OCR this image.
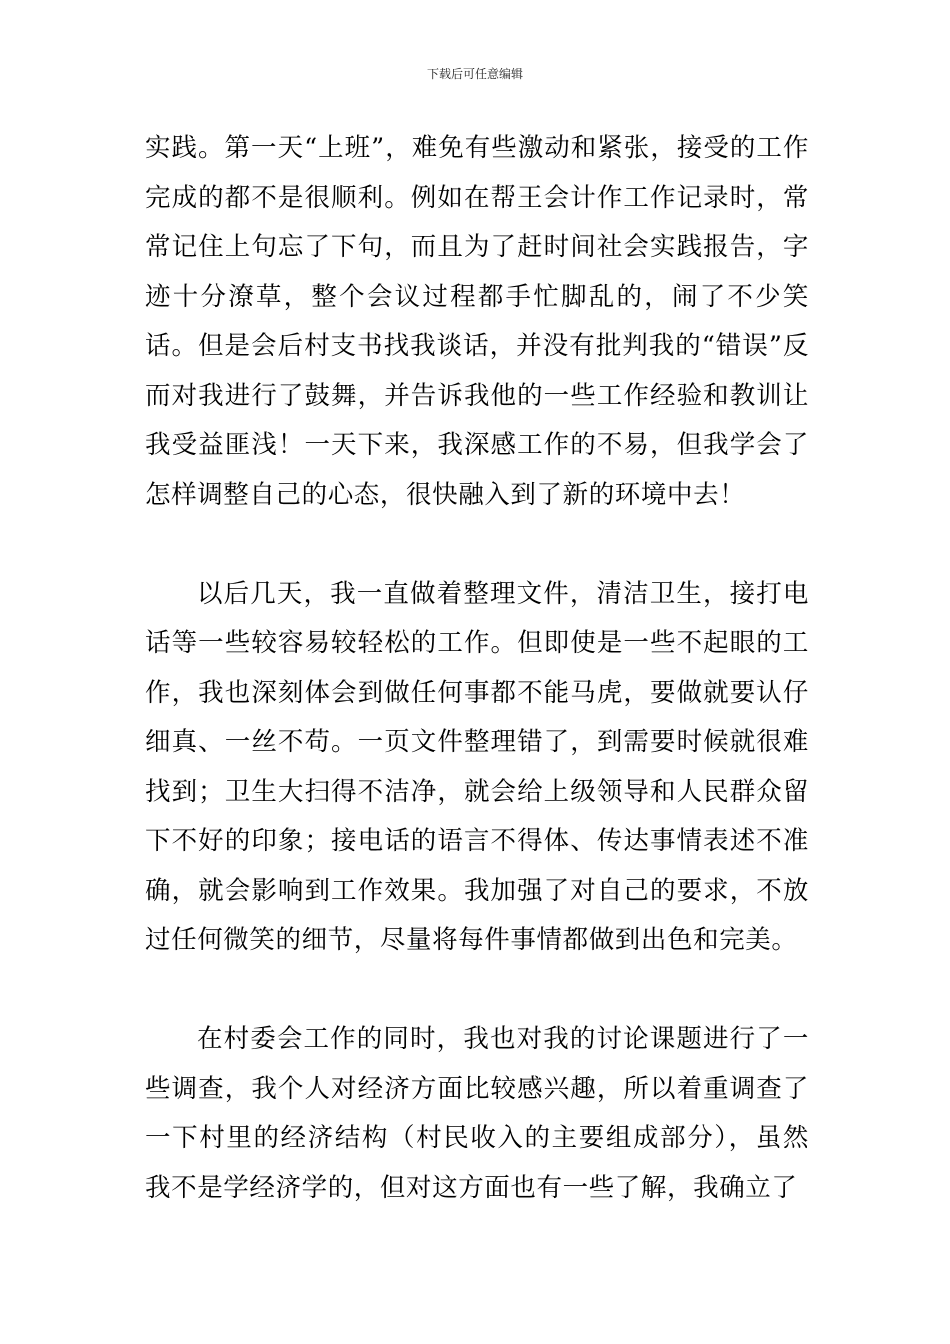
下载后可任意编辑

实践。第一天“上班”，难免有些激动和紧张，接受的工作完成的都不是很顺利。例如在帮王会计作工作记录时，常常记住上句忘了下句，而且为了赶时间社会实践报告，字迹十分潦草，整个会议过程都手忙脚乱的，闹了不少笑话。但是会后村支书找我谈话，并没有批判我的“错误”反而对我进行了鼓舞，并告诉我他的一些工作经验和教训让我受益匪浅！一天下来，我深感工作的不易，但我学会了怎样调整自己的心态，很快融入到了新的环境中去！

以后几天，我一直做着整理文件，清洁卫生，接打电话等一些较容易较轻松的工作。但即使是一些不起眼的工作，我也深刻体会到做任何事都不能马虎，要做就要认仔细真、一丝不苟。一页文件整理错了，到需要时候就很难找到；卫生大扫得不洁净，就会给上级领导和人民群众留下不好的印象；接电话的语言不得体、传达事情表述不准确，就会影响到工作效果。我加强了对自己的要求，不放过任何微笑的细节，尽量将每件事情都做到出色和完美。

在村委会工作的同时，我也对我的讨论课题进行了一些调查，我个人对经济方面比较感兴趣，所以着重调查了一下村里的经济结构（村民收入的主要组成部分），虽然我不是学经济学的，但对这方面也有一些了解，我确立了
